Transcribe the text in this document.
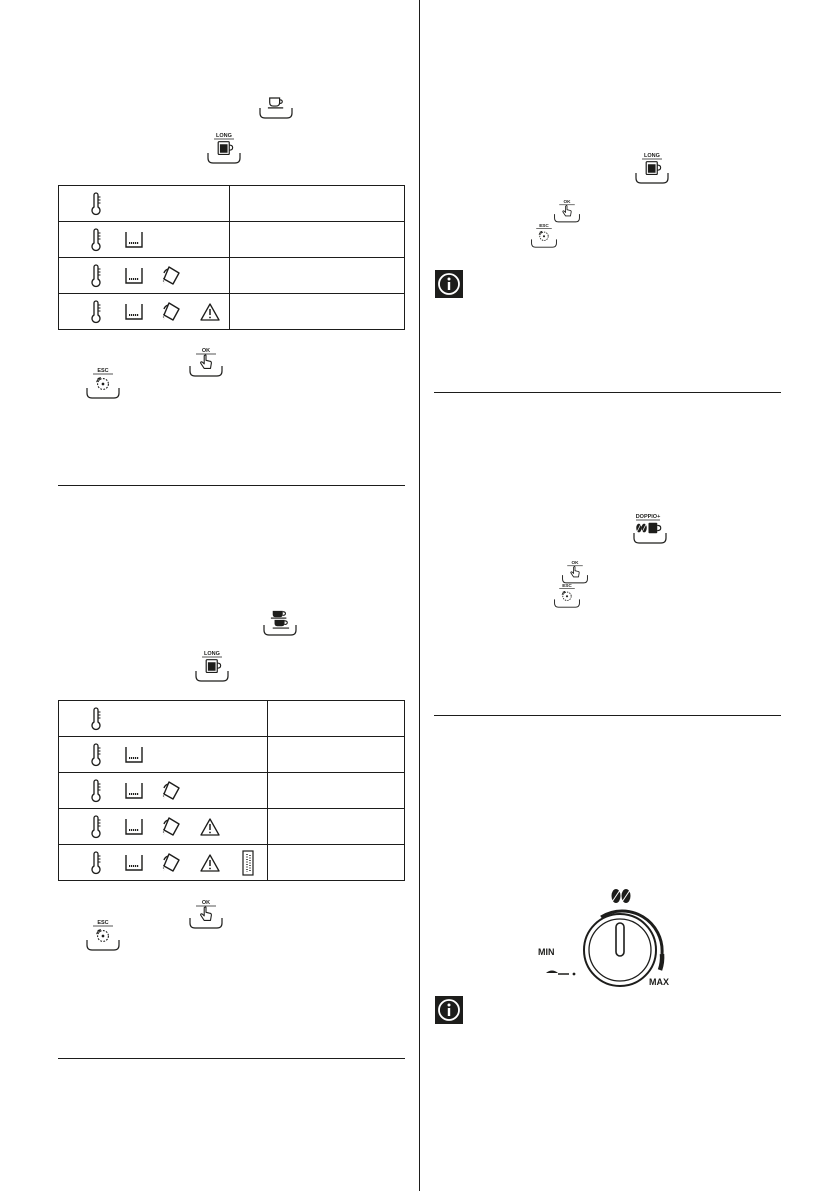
LONG

OK
ESC
LONG

OK
ESC
LONG
OK
ESC
DOPPIO+
OK
ESC
MIN
MAX
